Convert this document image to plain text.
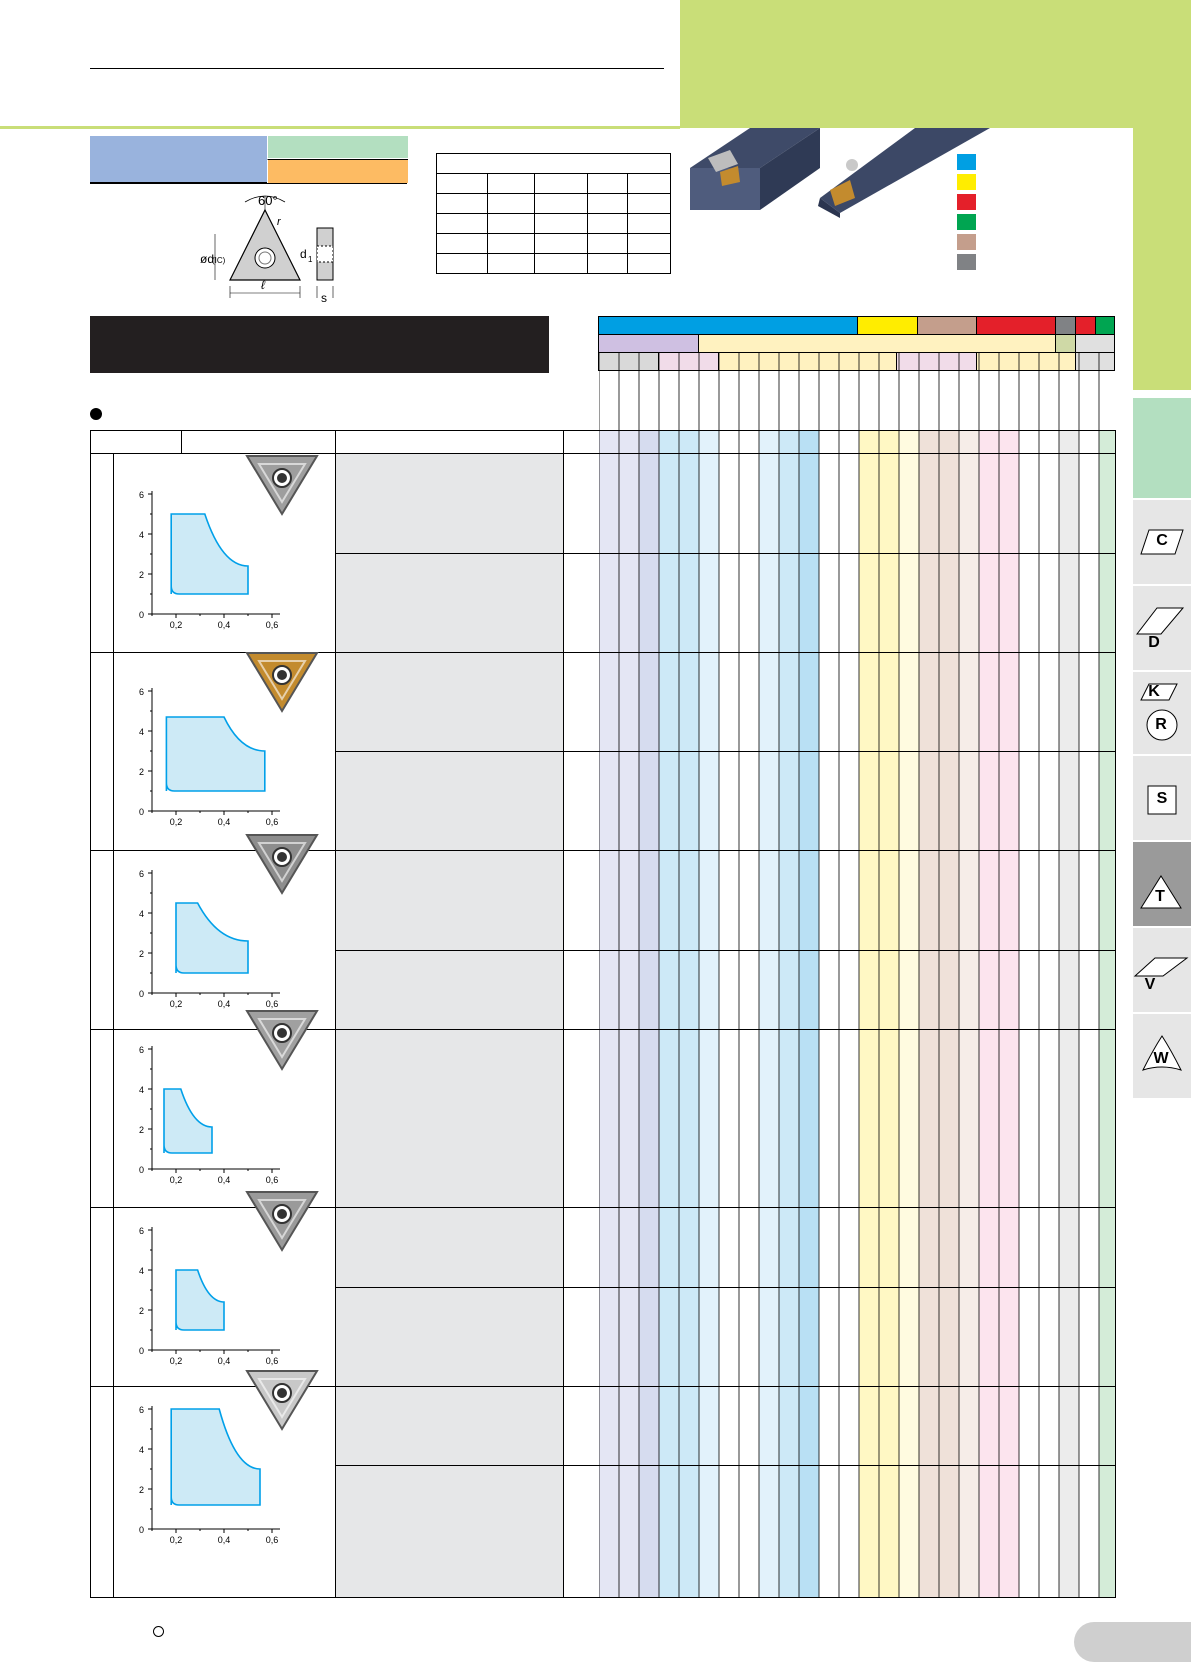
60°
r
ød
(IC)
ℓ
d 1
s
0
2
4
6
0,2	0,4	0,6
0
2
4
6
0,2	0,4	0,6
0
2
4
6
0,2	0,4	0,6
0
2
4
6
0,2	0,4	0,6
0
2
4
6
0,2	0,4	0,6
0
2
4
6
0,2	0,4	0,6
C
D
K
R
S
T
V
W
